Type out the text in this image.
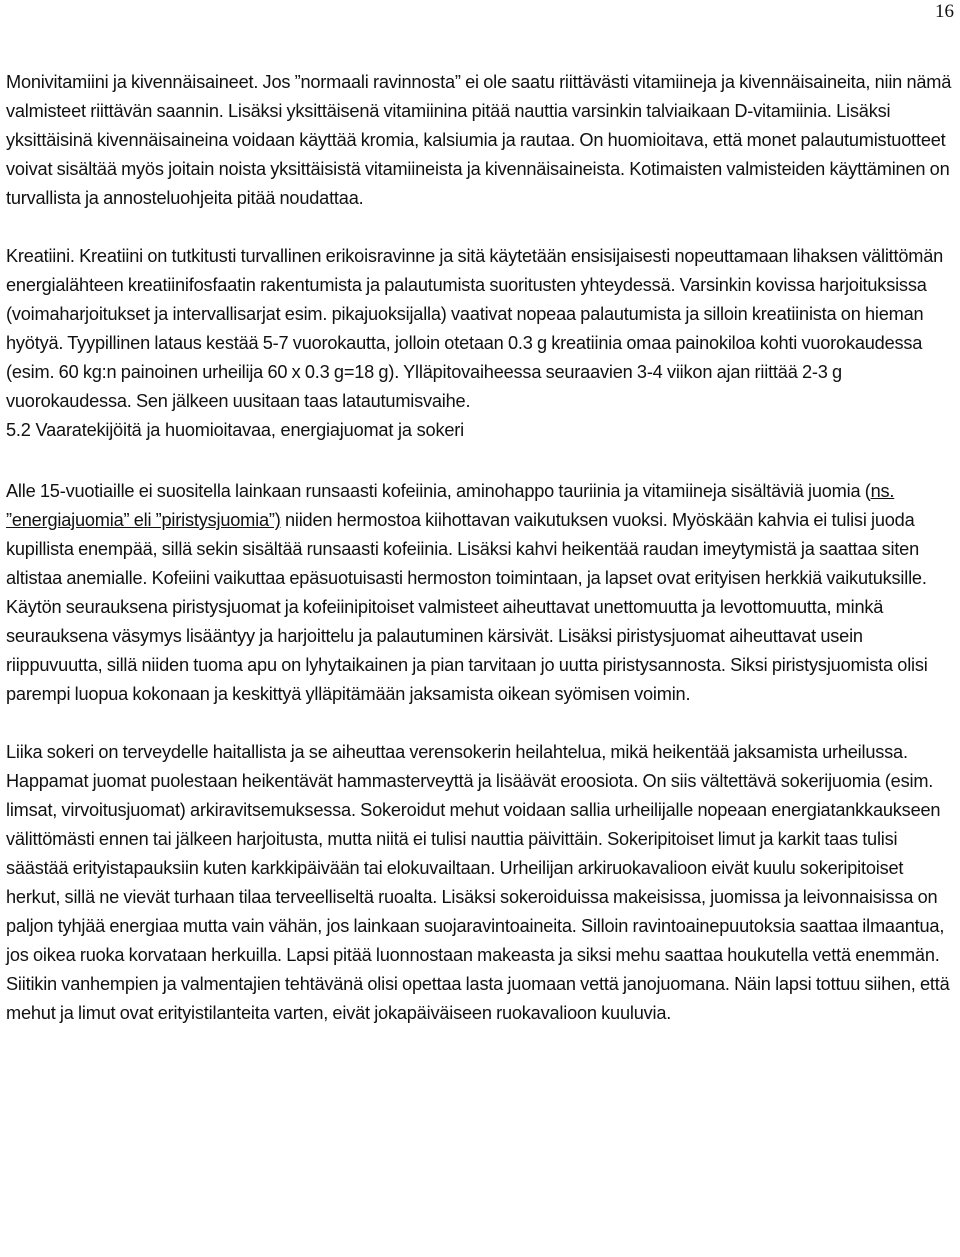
16

Monivitamiini ja kivennäisaineet. Jos ”normaali ravinnosta” ei ole saatu riittävästi vitamiineja ja kivennäisaineita, niin nämä valmisteet riittävän saannin. Lisäksi yksittäisenä vitamiinina pitää nauttia varsinkin talviaikaan D-vitamiinia. Lisäksi yksittäisinä kivennäisaineina voidaan käyttää kromia, kalsiumia ja rautaa. On huomioitava, että monet palautumistuotteet voivat sisältää myös joitain noista yksittäisistä vitamiineista ja kivennäisaineista. Kotimaisten valmisteiden käyttäminen on turvallista ja annosteluohjeita pitää noudattaa.

Kreatiini. Kreatiini on tutkitusti turvallinen erikoisravinne ja sitä käytetään ensisijaisesti nopeuttamaan lihaksen välittömän energialähteen kreatiinifosfaatin rakentumista ja palautumista suoritusten yhteydessä. Varsinkin kovissa harjoituksissa (voimaharjoitukset ja intervallisarjat esim. pikajuoksijalla) vaativat nopeaa palautumista ja silloin kreatiinista on hieman hyötyä. Tyypillinen lataus kestää 5-7 vuorokautta, jolloin otetaan 0.3 g kreatiinia omaa painokiloa kohti vuorokaudessa (esim. 60 kg:n painoinen urheilija 60 x 0.3 g=18 g). Ylläpitovaiheessa seuraavien 3-4 viikon ajan riittää 2-3 g vuorokaudessa. Sen jälkeen uusitaan taas latautumisvaihe.

5.2 Vaaratekijöitä ja huomioitavaa, energiajuomat ja sokeri

Alle 15-vuotiaille ei suositella lainkaan runsaasti kofeiinia, aminohappo tauriinia ja vitamiineja sisältäviä juomia (ns. ”energiajuomia” eli ”piristysjuomia”) niiden hermostoa kiihottavan vaikutuksen vuoksi. Myöskään kahvia ei tulisi juoda kupillista enempää, sillä sekin sisältää runsaasti kofeiinia. Lisäksi kahvi heikentää raudan imeytymistä ja saattaa siten altistaa anemialle. Kofeiini vaikuttaa epäsuotuisasti hermoston toimintaan, ja lapset ovat erityisen herkkiä vaikutuksille. Käytön seurauksena piristysjuomat ja kofeiinipitoiset valmisteet aiheuttavat unettomuutta ja levottomuutta, minkä seurauksena väsymys lisääntyy ja harjoittelu ja palautuminen kärsivät. Lisäksi piristysjuomat aiheuttavat usein riippuvuutta, sillä niiden tuoma apu on lyhytaikainen ja pian tarvitaan jo uutta piristysannosta. Siksi piristysjuomista olisi parempi luopua kokonaan ja keskittyä ylläpitämään jaksamista oikean syömisen voimin.

Liika sokeri on terveydelle haitallista ja se aiheuttaa verensokerin heilahtelua, mikä heikentää jaksamista urheilussa. Happamat juomat puolestaan heikentävät hammasterveyttä ja lisäävät eroosiota. On siis vältettävä sokerijuomia (esim. limsat, virvoitusjuomat) arkiravitsemuksessa. Sokeroidut mehut voidaan sallia urheilijalle nopeaan energiatankkaukseen välittömästi ennen tai jälkeen harjoitusta, mutta niitä ei tulisi nauttia päivittäin. Sokeripitoiset limut ja karkit taas tulisi säästää erityistapauksiin kuten karkkipäivään tai elokuvailtaan. Urheilijan arkiruokavalioon eivät kuulu sokeripitoiset herkut, sillä ne vievät turhaan tilaa terveelliseltä ruoalta. Lisäksi sokeroiduissa makeisissa, juomissa ja leivonnaisissa on paljon tyhjää energiaa mutta vain vähän, jos lainkaan suojaravintoaineita. Silloin ravintoainepuutoksia saattaa ilmaantua, jos oikea ruoka korvataan herkuilla. Lapsi pitää luonnostaan makeasta ja siksi mehu saattaa houkutella vettä enemmän. Siitikin vanhempien ja valmentajien tehtävänä olisi opettaa lasta juomaan vettä janojuomana. Näin lapsi tottuu siihen, että mehut ja limut ovat erityistilanteita varten, eivät jokapäiväiseen ruokavalioon kuuluvia.
